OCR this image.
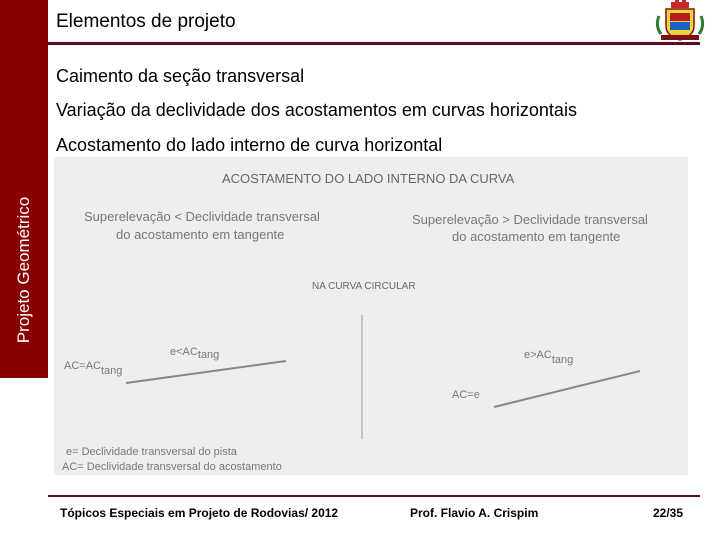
Projeto Geométrico
Elementos de projeto
Caimento da seção transversal
Variação da declividade dos acostamentos em curvas horizontais
Acostamento do lado interno de curva horizontal
ACOSTAMENTO DO LADO INTERNO DA CURVA
Superelevação < Declividade transversal
do acostamento em tangente
Superelevação > Declividade transversal
do acostamento em tangente
NA CURVA CIRCULAR
e<ACtang
AC=ACtang
e>ACtang
AC=e
e= Declividade transversal do pista
AC= Declividade transversal do acostamento
Tópicos Especiais em Projeto de Rodovias/ 2012	Prof. Flavio A. Crispim	22/35
